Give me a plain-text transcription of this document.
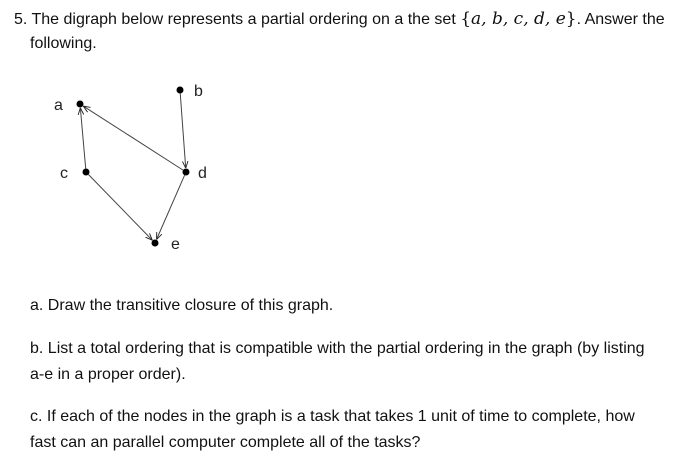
5. The digraph below represents a partial ordering on a the set {a, b, c, d, e}. Answer the
following.
a
b
c	d
e
a. Draw the transitive closure of this graph.
b. List a total ordering that is compatible with the partial ordering in the graph (by listing
a-e in a proper order).
c. If each of the nodes in the graph is a task that takes 1 unit of time to complete, how
fast can an parallel computer complete all of the tasks?
